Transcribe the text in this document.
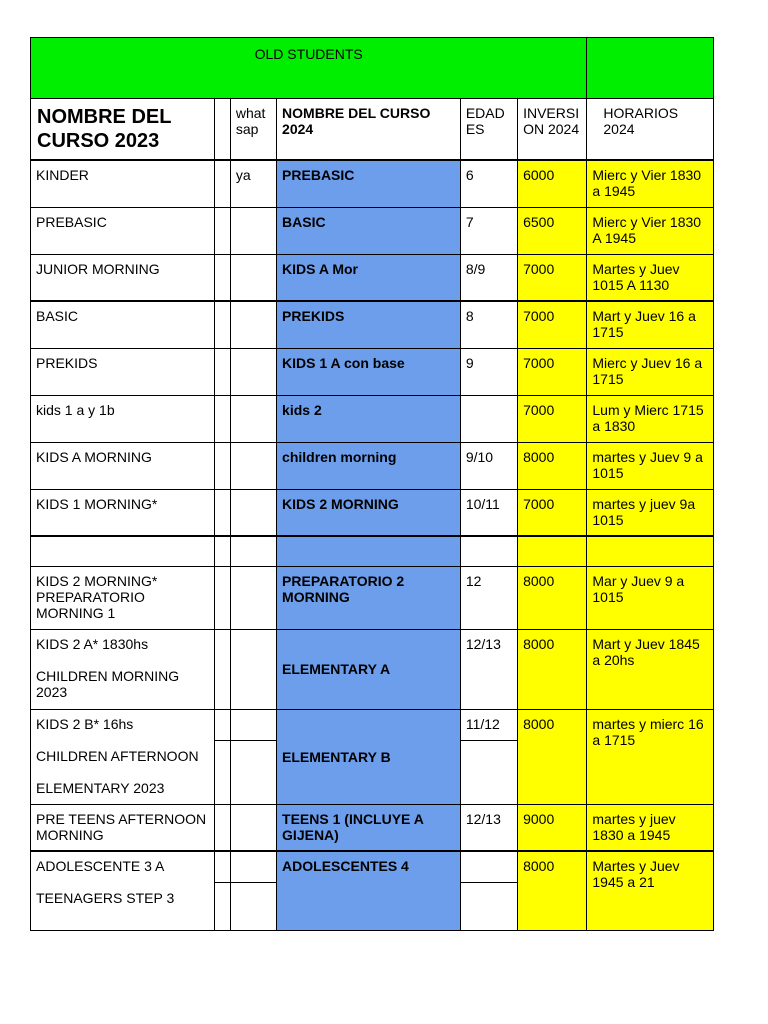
OLD STUDENTS						
NOMBRE DEL CURSO 2023		what sap	NOMBRE DEL CURSO 2024	EDAD ES	INVERSI ON 2024	HORARIOS 2024
KINDER		ya	PREBASIC	6	6000	Mierc y Vier 1830 a 1945
PREBASIC			BASIC	7	6500	Mierc y Vier 1830 A 1945
JUNIOR MORNING			KIDS A Mor	8/9	7000	Martes y Juev 1015 A 1130
BASIC			PREKIDS	8	7000	Mart y Juev 16 a 1715
PREKIDS			KIDS 1 A con base	9	7000	Mierc y Juev 16 a 1715
kids 1 a y 1b			kids 2		7000	Lum y Mierc 1715 a 1830
KIDS A MORNING			children morning	9/10	8000	martes y Juev 9 a 1015
KIDS 1 MORNING*			KIDS 2 MORNING	10/11	7000	martes y juev 9a 1015

KIDS 2 MORNING* PREPARATORIO MORNING 1			PREPARATORIO 2 MORNING	12	8000	Mar y Juev 9 a 1015

KIDS 2 A* 1830hs
CHILDREN MORNING 2023			ELEMENTARY A	12/13	8000	Mart y Juev 1845 a 20hs

KIDS 2 B* 16hs
CHILDREN AFTERNOON
ELEMENTARY 2023			ELEMENTARY B	11/12	8000	martes y mierc 16 a 1715

PRE TEENS AFTERNOON MORNING			TEENS 1 (INCLUYE A GIJENA)	12/13	9000	martes y juev 1830 a 1945

ADOLESCENTE 3 A
TEENAGERS STEP 3			ADOLESCENTES 4		8000	Martes y Juev 1945 a 21
